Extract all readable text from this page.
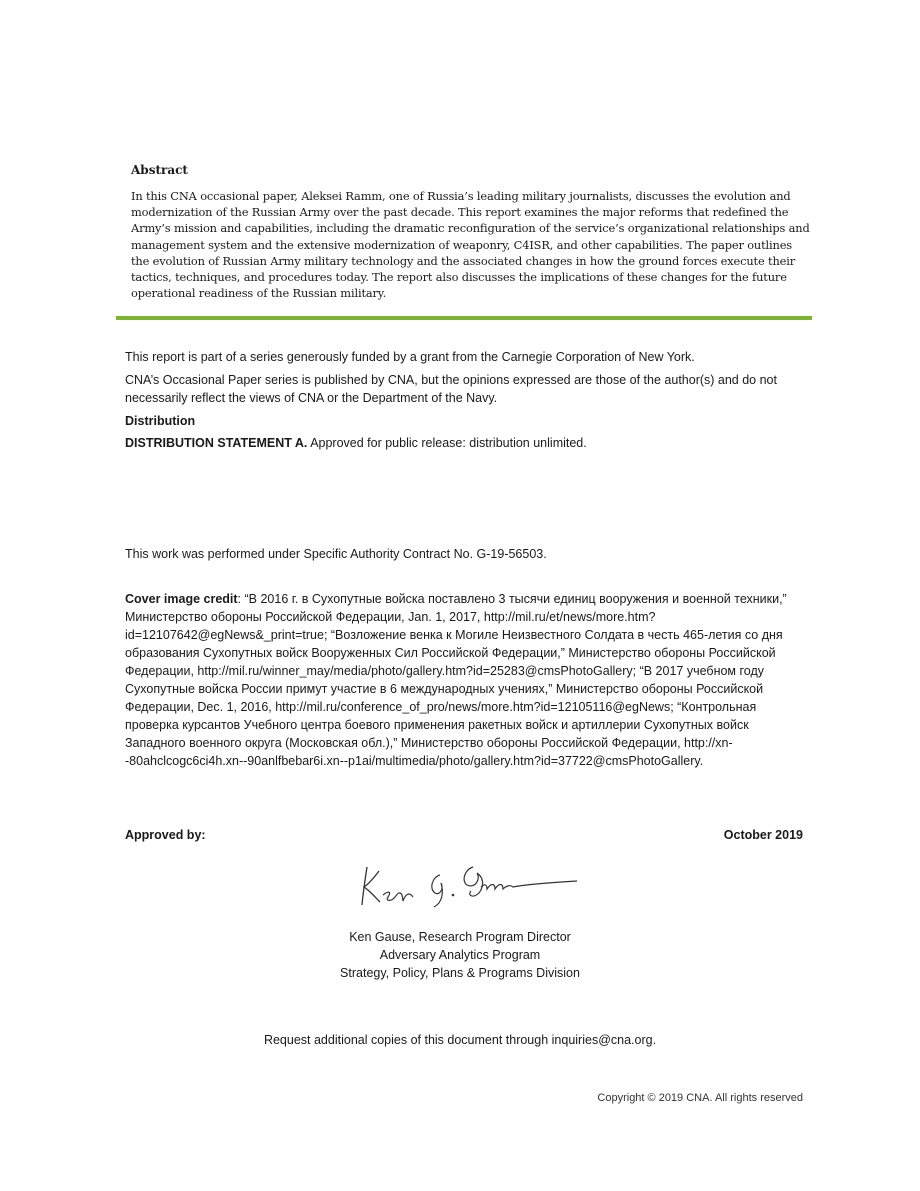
Abstract

In this CNA occasional paper, Aleksei Ramm, one of Russia’s leading military journalists, discusses the evolution and modernization of the Russian Army over the past decade. This report examines the major reforms that redefined the Army’s mission and capabilities, including the dramatic reconfiguration of the service’s organizational relationships and management system and the extensive modernization of weaponry, C4ISR, and other capabilities. The paper outlines the evolution of Russian Army military technology and the associated changes in how the ground forces execute their tactics, techniques, and procedures today. The report also discusses the implications of these changes for the future operational readiness of the Russian military.

This report is part of a series generously funded by a grant from the Carnegie Corporation of New York.
CNA’s Occasional Paper series is published by CNA, but the opinions expressed are those of the author(s) and do not necessarily reflect the views of CNA or the Department of the Navy.
Distribution
DISTRIBUTION STATEMENT A. Approved for public release: distribution unlimited.
This work was performed under Specific Authority Contract No. G-19-56503.
Cover image credit: “В 2016 г. в Сухопутные войска поставлено 3 тысячи единиц вооружения и военной техники,” Министерство обороны Российской Федерации, Jan. 1, 2017, http://mil.ru/et/news/more.htm?id=12107642@egNews&_print=true; “Возложение венка к Могиле Неизвестного Солдата в честь 465-летия со дня образования Сухопутных войск Вооруженных Сил Российской Федерации,” Министерство обороны Российской Федерации, http://mil.ru/winner_may/media/photo/gallery.htm?id=25283@cmsPhotoGallery; “В 2017 учебном году Сухопутные войска России примут участие в 6 международных учениях,” Министерство обороны Российской Федерации, Dec. 1, 2016, http://mil.ru/conference_of_pro/news/more.htm?id=12105116@egNews; “Контрольная проверка курсантов Учебного центра боевого применения ракетных войск и артиллерии Сухопутных войск Западного военного округа (Московская обл.),” Министерство обороны Российской Федерации, http://xn--80ahclcogc6ci4h.xn--90anlfbebar6i.xn--p1ai/multimedia/photo/gallery.htm?id=37722@cmsPhotoGallery.
Approved by:	October 2019
Ken Gause, Research Program Director
Adversary Analytics Program
Strategy, Policy, Plans & Programs Division
Request additional copies of this document through inquiries@cna.org.
Copyright © 2019 CNA. All rights reserved
